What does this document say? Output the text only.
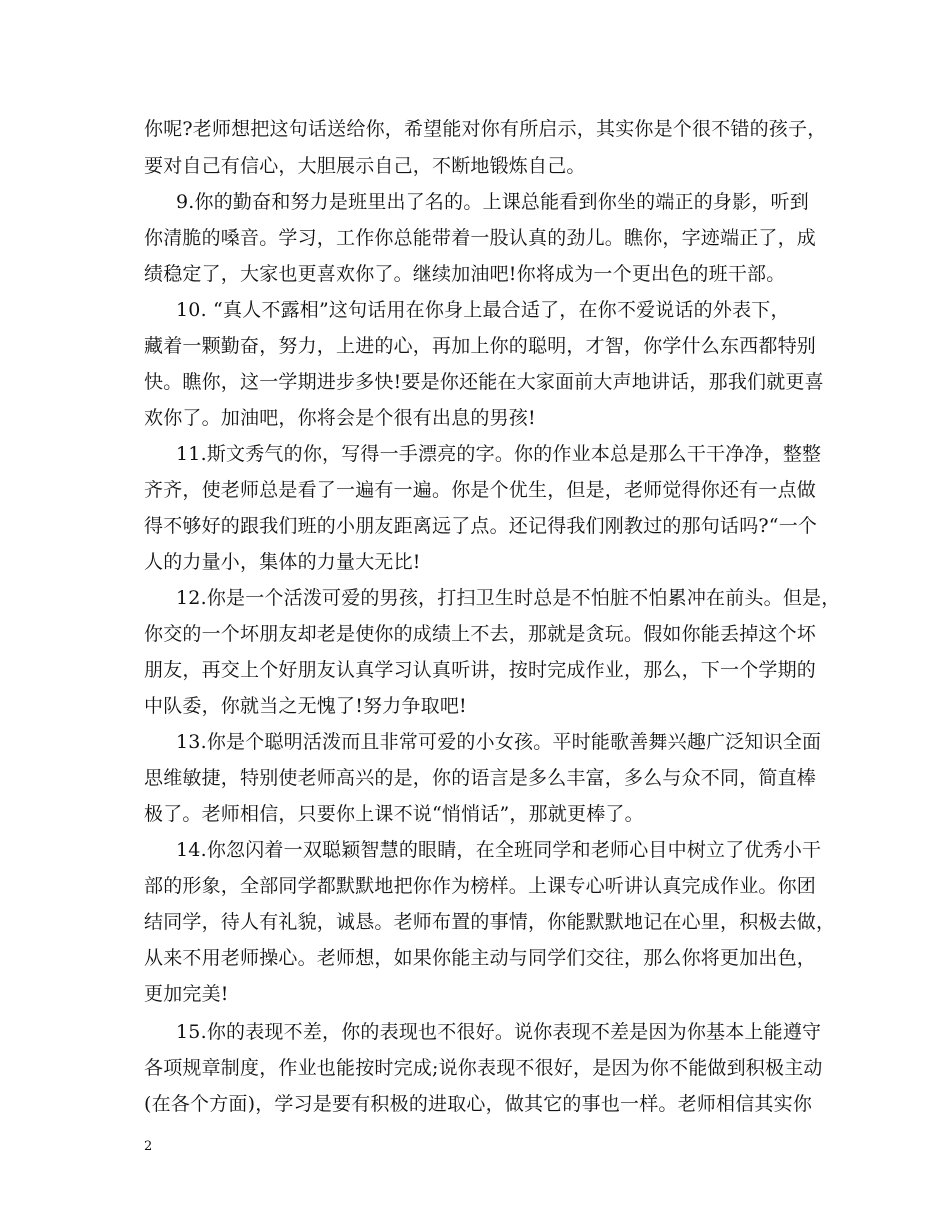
你呢?老师想把这句话送给你，希望能对你有所启示，其实你是个很不错的孩子，
要对自己有信心，大胆展示自己，不断地锻炼自己。
9.你的勤奋和努力是班里出了名的。上课总能看到你坐的端正的身影，听到
你清脆的嗓音。学习，工作你总能带着一股认真的劲儿。瞧你，字迹端正了，成
绩稳定了，大家也更喜欢你了。继续加油吧!你将成为一个更出色的班干部。
10. “真人不露相”这句话用在你身上最合适了，在你不爱说话的外表下，
藏着一颗勤奋，努力，上进的心，再加上你的聪明，才智，你学什么东西都特别
快。瞧你，这一学期进步多快!要是你还能在大家面前大声地讲话，那我们就更喜
欢你了。加油吧，你将会是个很有出息的男孩!
11.斯文秀气的你，写得一手漂亮的字。你的作业本总是那么干干净净，整整
齐齐，使老师总是看了一遍有一遍。你是个优生，但是，老师觉得你还有一点做
得不够好的跟我们班的小朋友距离远了点。还记得我们刚教过的那句话吗?“一个
人的力量小，集体的力量大无比!
12.你是一个活泼可爱的男孩，打扫卫生时总是不怕脏不怕累冲在前头。但是，
你交的一个坏朋友却老是使你的成绩上不去，那就是贪玩。假如你能丢掉这个坏
朋友，再交上个好朋友认真学习认真听讲，按时完成作业，那么，下一个学期的
中队委，你就当之无愧了!努力争取吧!
13.你是个聪明活泼而且非常可爱的小女孩。平时能歌善舞兴趣广泛知识全面
思维敏捷，特别使老师高兴的是，你的语言是多么丰富，多么与众不同，简直棒
极了。老师相信，只要你上课不说“悄悄话”，那就更棒了。
14.你忽闪着一双聪颖智慧的眼睛，在全班同学和老师心目中树立了优秀小干
部的形象，全部同学都默默地把你作为榜样。上课专心听讲认真完成作业。你团
结同学，待人有礼貌，诚恳。老师布置的事情，你能默默地记在心里，积极去做，
从来不用老师操心。老师想，如果你能主动与同学们交往，那么你将更加出色，
更加完美!
15.你的表现不差，你的表现也不很好。说你表现不差是因为你基本上能遵守
各项规章制度，作业也能按时完成;说你表现不很好，是因为你不能做到积极主动
(在各个方面)，学习是要有积极的进取心，做其它的事也一样。老师相信其实你
2
